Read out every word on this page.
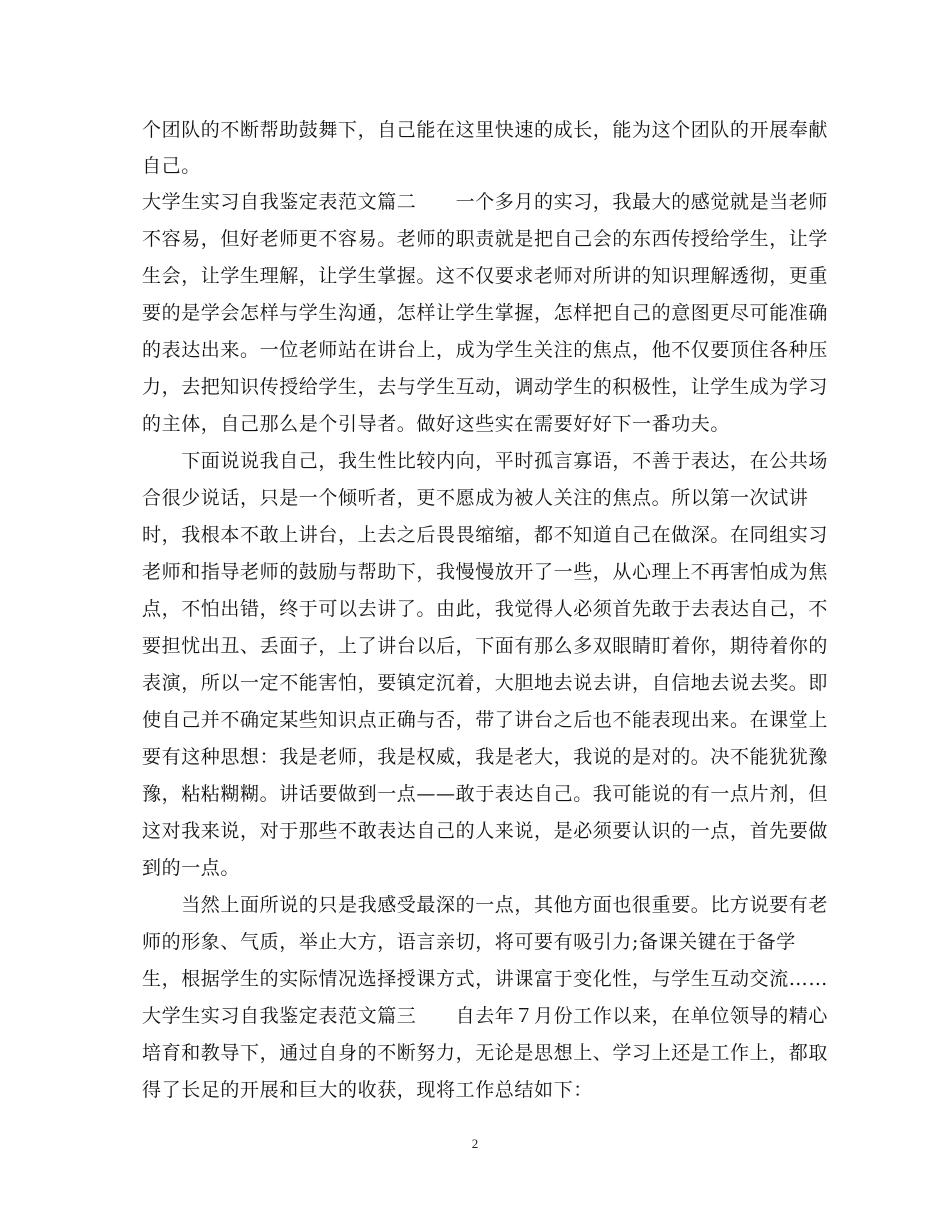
个团队的不断帮助鼓舞下，自己能在这里快速的成长，能为这个团队的开展奉献
自己。
大学生实习自我鉴定表范文篇二　　一个多月的实习，我最大的感觉就是当老师
不容易，但好老师更不容易。老师的职责就是把自己会的东西传授给学生，让学
生会，让学生理解，让学生掌握。这不仅要求老师对所讲的知识理解透彻，更重
要的是学会怎样与学生沟通，怎样让学生掌握，怎样把自己的意图更尽可能准确
的表达出来。一位老师站在讲台上，成为学生关注的焦点，他不仅要顶住各种压
力，去把知识传授给学生，去与学生互动，调动学生的积极性，让学生成为学习
的主体，自己那么是个引导者。做好这些实在需要好好下一番功夫。
　　下面说说我自己，我生性比较内向，平时孤言寡语，不善于表达，在公共场
合很少说话，只是一个倾听者，更不愿成为被人关注的焦点。所以第一次试讲
时，我根本不敢上讲台，上去之后畏畏缩缩，都不知道自己在做深。在同组实习
老师和指导老师的鼓励与帮助下，我慢慢放开了一些，从心理上不再害怕成为焦
点，不怕出错，终于可以去讲了。由此，我觉得人必须首先敢于去表达自己，不
要担忧出丑、丢面子，上了讲台以后，下面有那么多双眼睛盯着你，期待着你的
表演，所以一定不能害怕，要镇定沉着，大胆地去说去讲，自信地去说去奖。即
使自己并不确定某些知识点正确与否，带了讲台之后也不能表现出来。在课堂上
要有这种思想：我是老师，我是权威，我是老大，我说的是对的。决不能犹犹豫
豫，粘粘糊糊。讲话要做到一点——敢于表达自己。我可能说的有一点片剂，但
这对我来说，对于那些不敢表达自己的人来说，是必须要认识的一点，首先要做
到的一点。
　　当然上面所说的只是我感受最深的一点，其他方面也很重要。比方说要有老
师的形象、气质，举止大方，语言亲切，将可要有吸引力;备课关键在于备学
生，根据学生的实际情况选择授课方式，讲课富于变化性，与学生互动交流……
大学生实习自我鉴定表范文篇三　　自去年７月份工作以来，在单位领导的精心
培育和教导下，通过自身的不断努力，无论是思想上、学习上还是工作上，都取
得了长足的开展和巨大的收获，现将工作总结如下：
2
